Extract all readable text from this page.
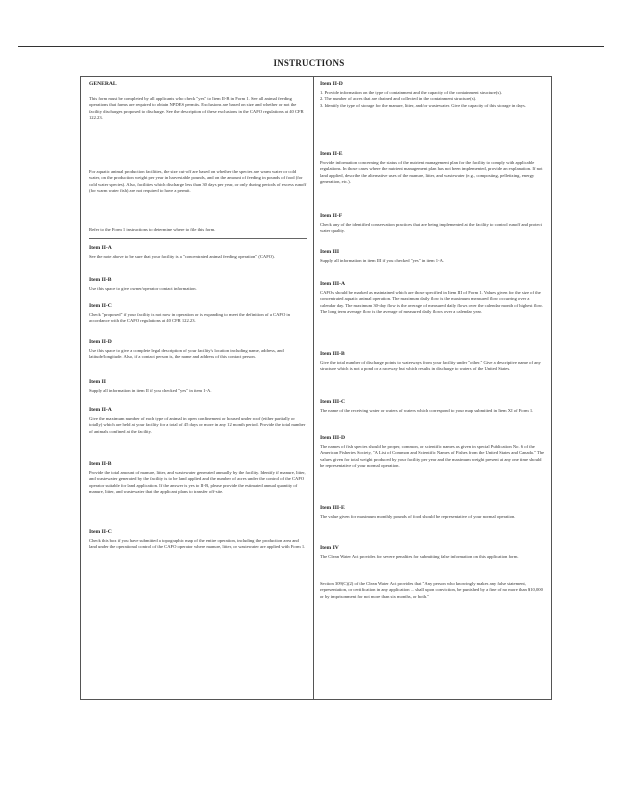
INSTRUCTIONS
GENERAL
This form must be completed by all applicants who check "yes" to Item II-B in Form 1. See all animal feeding operations that farms are required to obtain NPDES permits. Exclusions are based on size and whether or not the facility discharges proposed to discharge. See the description of these exclusions in the CAFO regulations at 40 CFR 122.23.
For aquatic animal production facilities, the size cut-off are based on whether the species are warm water or cold water, on the production weight per year in harvestable pounds, and on the amount of feeding in pounds of food (for cold water species). Also, facilities which discharge less than 30 days per year, or only during periods of excess runoff (for warm water fish) are not required to have a permit.
Refer to the Form 1 instructions to determine where to file this form.
Item II-A
See the note above to be sure that your facility is a "concentrated animal feeding operation" (CAFO).
Item II-B
Use this space to give owner/operator contact information.
Item II-C
Check "proposed" if your facility is not now in operation or is expanding to meet the definition of a CAFO in accordance with the CAFO regulations at 40 CFR 122.23.
Item II-D
Use this space to give a complete legal description of your facility's location including name, address, and latitude/longitude. Also, if a contact person is, the name and address of this contact person.
Item II
Supply all information in item II if you checked "yes" in item 1-A.
Item II-A
Give the maximum number of each type of animal in open confinement or housed under roof (either partially or totally) which are held at your facility for a total of 45 days or more in any 12 month period. Provide the total number of animals confined at the facility.
Item II-B
Provide the total amount of manure, litter, and wastewater generated annually by the facility. Identify if manure, litter, and wastewater generated by the facility is to be land applied and the number of acres under the control of the CAFO operator suitable for land application. If the answer is yes to II-B, please provide the estimated annual quantity of manure, litter, and wastewater that the applicant plans to transfer off-site.
Item II-C
Check this box if you have submitted a topographic map of the entire operation, including the production area and land under the operational control of the CAFO operator where manure, litter, or wastewater are applied with Form 1.
Item II-D
1. Provide information on the type of containment and the capacity of the containment structure(s).
2. The number of acres that are drained and collected in the containment structure(s).
3. Identify the type of storage for the manure, litter, and/or wastewater. Give the capacity of this storage in days.
Item II-E
Provide information concerning the status of the nutrient management plan for the facility to comply with applicable regulations. In those cases where the nutrient management plan has not been implemented, provide an explanation. If not land applied, describe the alternative uses of the manure, litter, and wastewater (e.g., composting, pelletizing, energy generation, etc.).
Item II-F
Check any of the identified conservation practices that are being implemented at the facility to control runoff and protect water quality.
Item III
Supply all information in item III if you checked "yes" in item 1-A.
Item III-A
CAFOs should be marked as maintained which are those specified in Item III of Form 1. Values given for the size of the concentrated aquatic animal operation. The maximum daily flow is the maximum measured flow occurring over a calendar day. The maximum 30-day flow is the average of measured daily flows over the calendar month of highest flow. The long term average flow is the average of measured daily flows over a calendar year.
Item III-B
Give the total number of discharge points to waterways from your facility under "other." Give a descriptive name of any structure which is not a pond or a raceway but which results in discharge to waters of the United States.
Item III-C
The name of the receiving water or waters of waters which correspond to your map submitted in Item XI of Form 1.
Item III-D
The names of fish species should be proper, common, or scientific names as given in special Publication No. 6 of the American Fisheries Society, "A List of Common and Scientific Names of Fishes from the United States and Canada." The values given for total weight produced by your facility per year and the maximum weight present at any one time should be representative of your normal operation.
Item III-E
The value given for maximum monthly pounds of food should be representative of your normal operation.
Item IV
The Clean Water Act provides for severe penalties for submitting false information on this application form.
Section 309(C)(2) of the Clean Water Act provides that "Any person who knowingly makes any false statement, representation, or certification in any application ... shall upon conviction, be punished by a fine of no more than $10,000 or by imprisonment for not more than six months, or both."
